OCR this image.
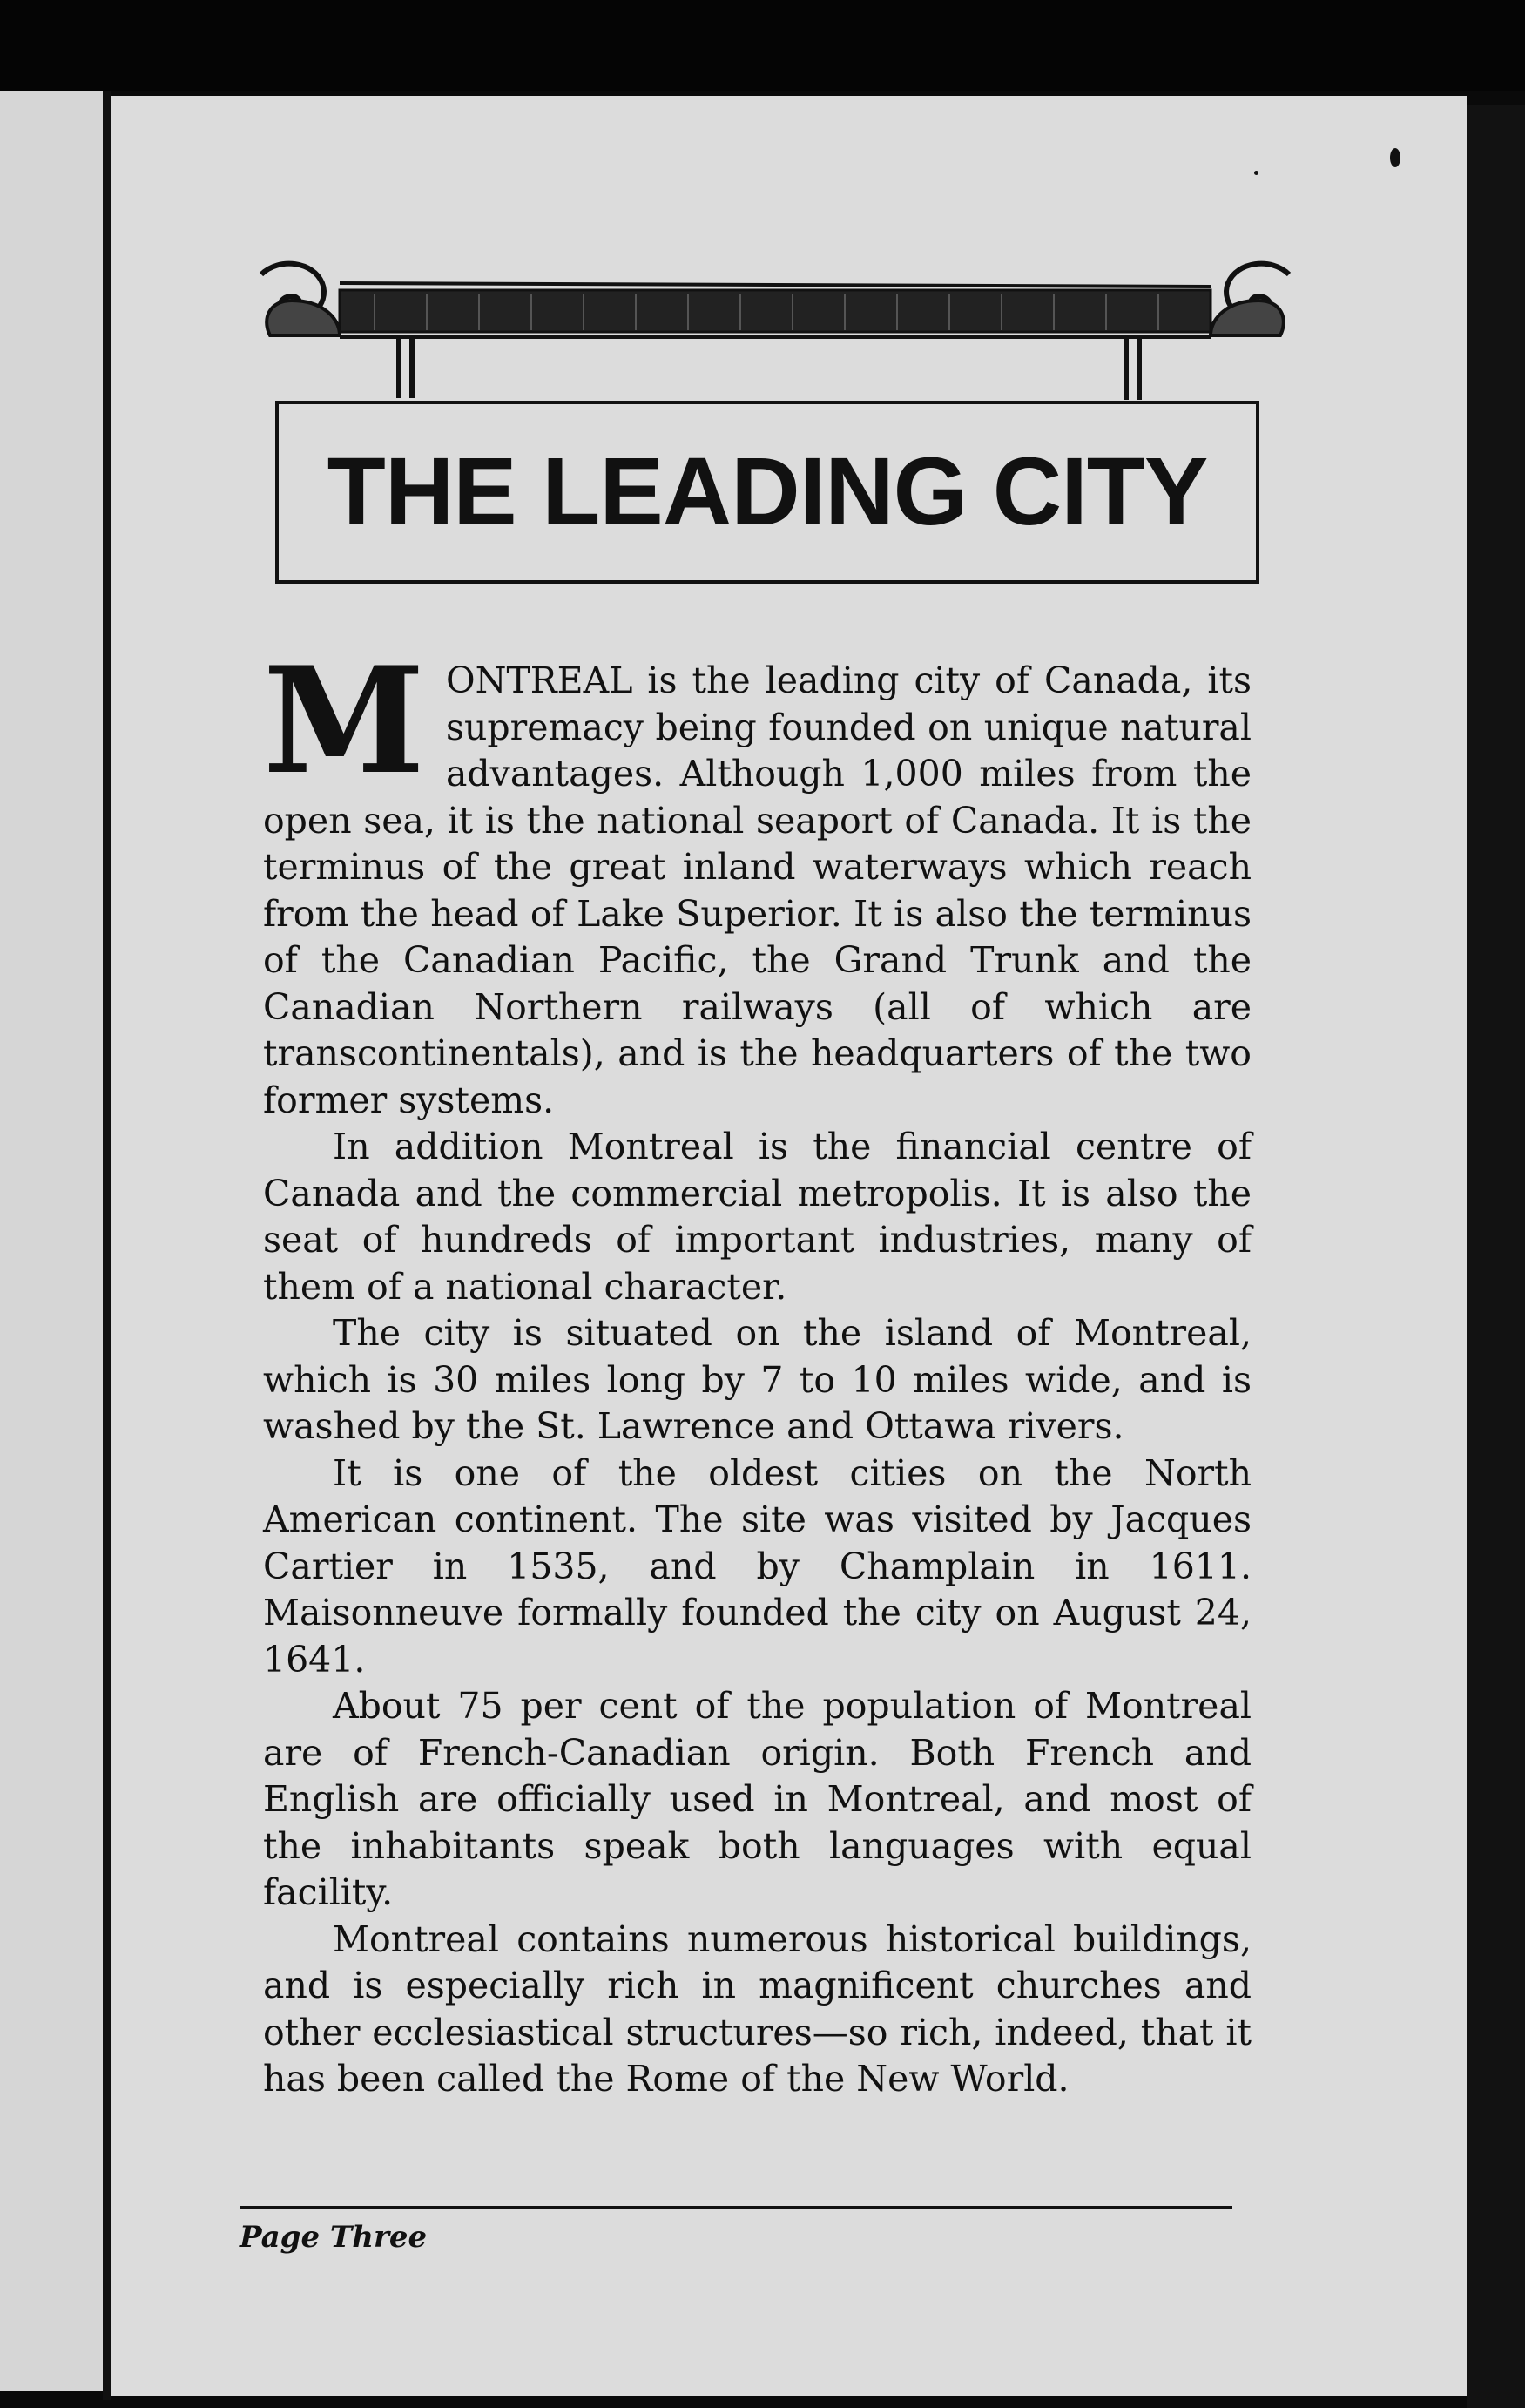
THE LEADING CITY

MONTREAL is the leading city of Canada, its supremacy being founded on unique natural advantages. Although 1,000 miles from the open sea, it is the national seaport of Canada. It is the terminus of the great inland waterways which reach from the head of Lake Superior. It is also the terminus of the Canadian Pacific, the Grand Trunk and the Canadian Northern railways (all of which are transcontinentals), and is the headquarters of the two former systems.

In addition Montreal is the financial centre of Canada and the commercial metropolis. It is also the seat of hundreds of important industries, many of them of a national character.

The city is situated on the island of Montreal, which is 30 miles long by 7 to 10 miles wide, and is washed by the St. Lawrence and Ottawa rivers.

It is one of the oldest cities on the North American continent. The site was visited by Jacques Cartier in 1535, and by Champlain in 1611. Maisonneuve formally founded the city on August 24, 1641.

About 75 per cent of the population of Montreal are of French-Canadian origin. Both French and English are officially used in Montreal, and most of the inhabitants speak both languages with equal facility.

Montreal contains numerous historical buildings, and is especially rich in magnificent churches and other ecclesiastical structures—so rich, indeed, that it has been called the Rome of the New World.

Page Three
